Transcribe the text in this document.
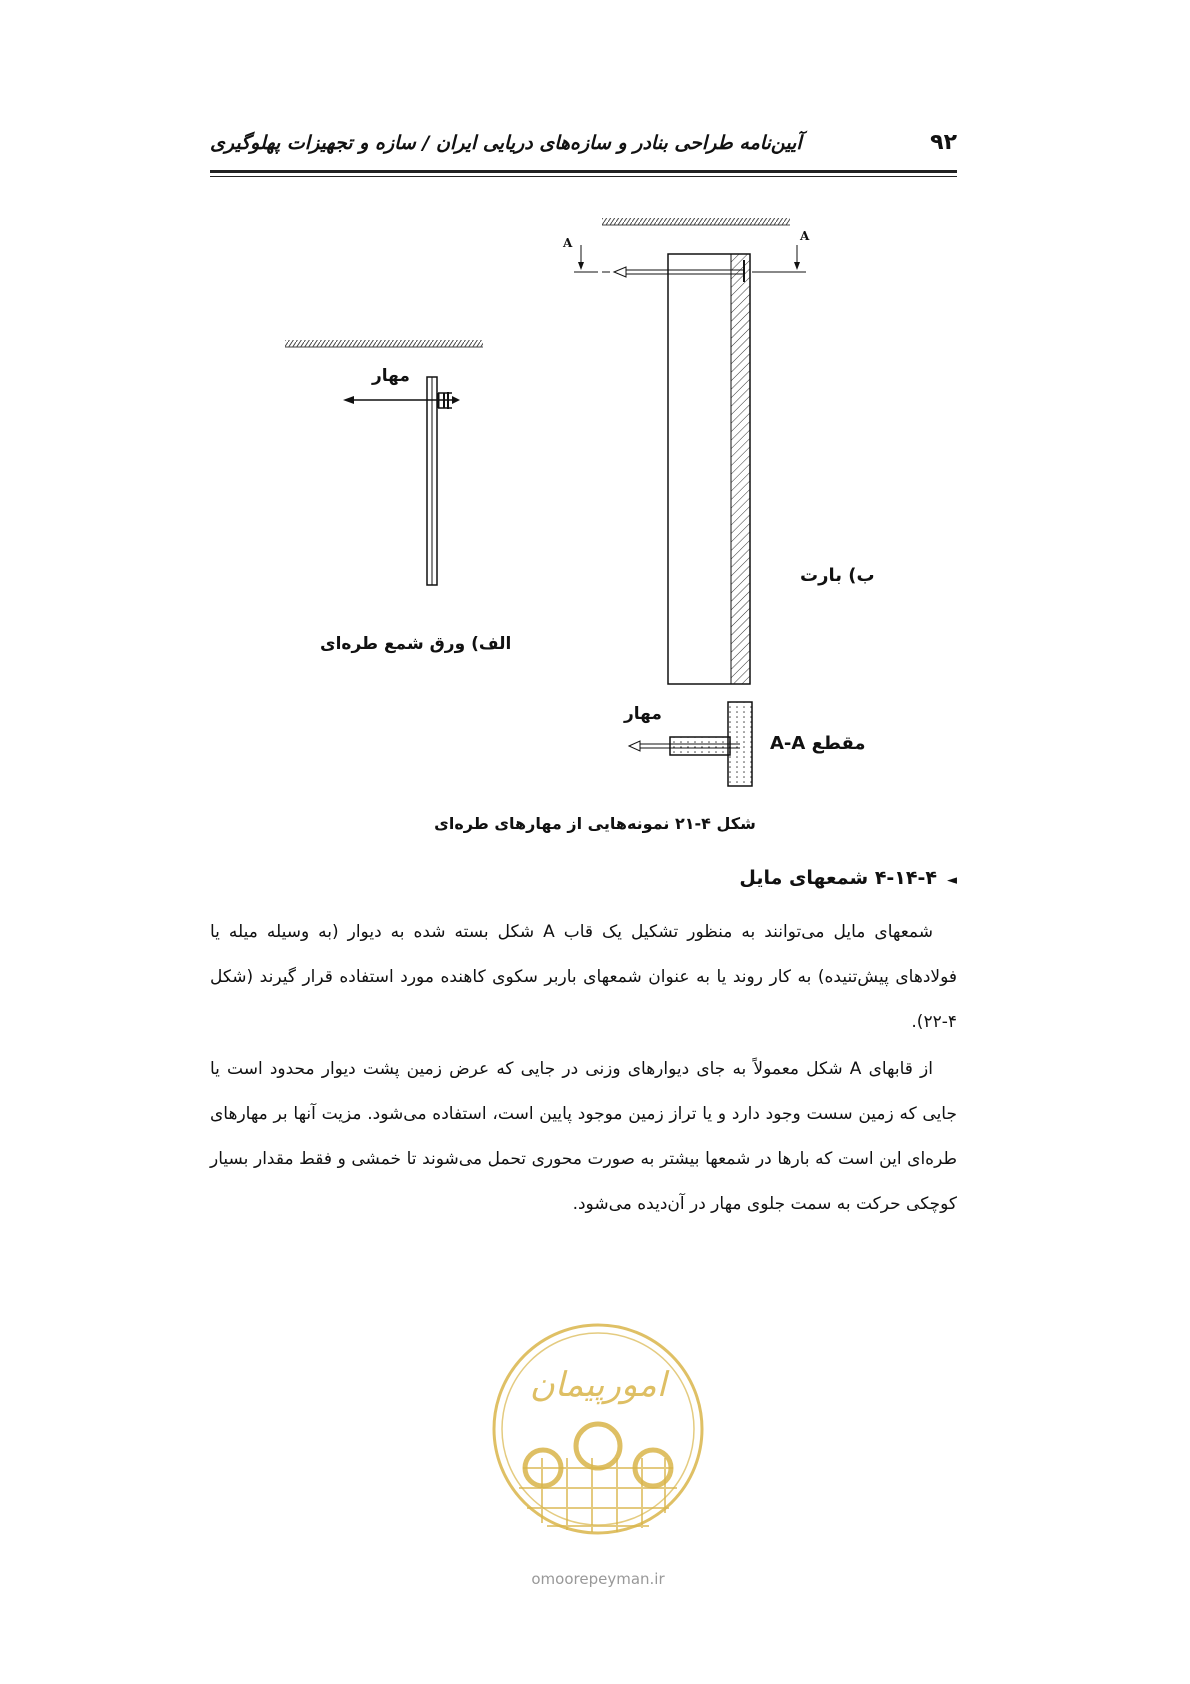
۹۲
آیین‌نامه طراحی بنادر و سازه‌های دریایی ایران / سازه و تجهیزات پهلوگیری
A	A
مهار
الف) ورق شمع طره‌ای
ب) بارت
مهار
مقطع A-A
شکل ۴-۲۱ نمونه‌هایی از مهارهای طره‌ای
◄۴-۱۴-۴ شمعهای مایل

شمعهای مایل می‌توانند به منظور تشکیل یک قاب A شکل بسته شده به دیوار (به وسیله میله یا فولادهای پیش‌تنیده) به کار روند یا به عنوان شمعهای باربر سکوی کاهنده مورد استفاده قرار گیرند (شکل ۴-۲۲).

از قابهای A شکل معمولاً به جای دیوارهای وزنی در جایی که عرض زمین پشت دیوار محدود است یا جایی که زمین سست وجود دارد و یا تراز زمین موجود پایین است، استفاده می‌شود. مزیت آنها بر مهارهای طره‌ای این است که بارها در شمعها بیشتر به صورت محوری تحمل می‌شوند تا خمشی و فقط مقدار بسیار کوچکی حرکت به سمت جلوی مهار در آن‌دیده می‌شود.

امورپیمان
omoorepeyman.ir
